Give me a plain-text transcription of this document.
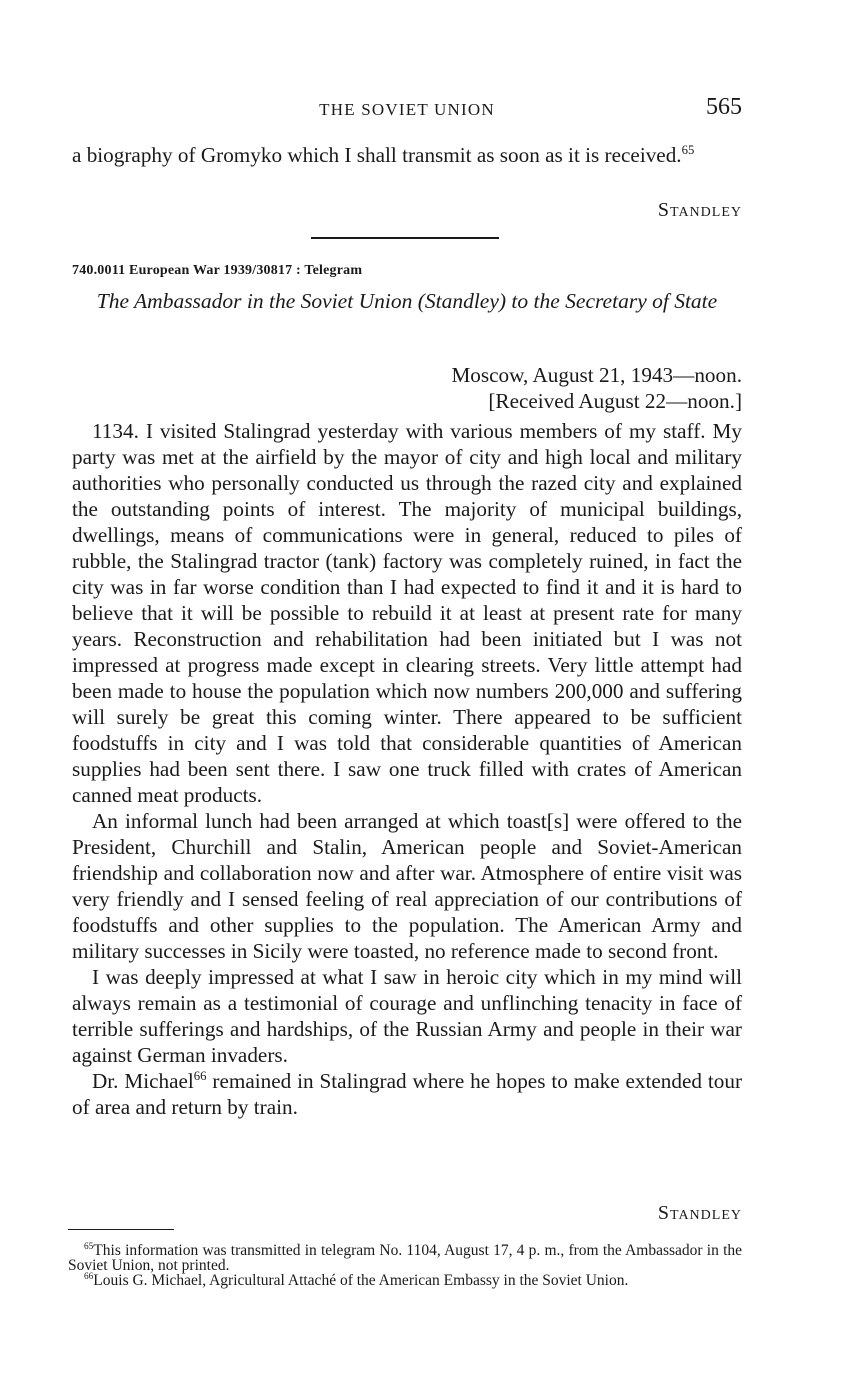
THE SOVIET UNION	565

a biography of Gromyko which I shall transmit as soon as it is received.$^{65}$

Standley
740.0011 European War 1939/30817 : Telegram
The Ambassador in the Soviet Union (Standley) to the Secretary of State
Moscow, August 21, 1943—noon.
[Received August 22—noon.]

1134. I visited Stalingrad yesterday with various members of my staff. My party was met at the airfield by the mayor of city and high local and military authorities who personally conducted us through the razed city and explained the outstanding points of interest. The majority of municipal buildings, dwellings, means of communications were in general, reduced to piles of rubble, the Stalingrad tractor (tank) factory was completely ruined, in fact the city was in far worse condition than I had expected to find it and it is hard to believe that it will be possible to rebuild it at least at present rate for many years. Reconstruction and rehabilitation had been initiated but I was not impressed at progress made except in clearing streets. Very little attempt had been made to house the population which now numbers 200,000 and suffering will surely be great this coming winter. There appeared to be sufficient foodstuffs in city and I was told that considerable quantities of American supplies had been sent there. I saw one truck filled with crates of American canned meat products.

An informal lunch had been arranged at which toast[s] were offered to the President, Churchill and Stalin, American people and Soviet-American friendship and collaboration now and after war. Atmosphere of entire visit was very friendly and I sensed feeling of real appreciation of our contributions of foodstuffs and other supplies to the population. The American Army and military successes in Sicily were toasted, no reference made to second front.

I was deeply impressed at what I saw in heroic city which in my mind will always remain as a testimonial of courage and unflinching tenacity in face of terrible sufferings and hardships, of the Russian Army and people in their war against German invaders.

Dr. Michael$^{66}$ remained in Stalingrad where he hopes to make extended tour of area and return by train.

Standley

$^{65}$This information was transmitted in telegram No. 1104, August 17, 4 p. m., from the Ambassador in the Soviet Union, not printed.

$^{66}$Louis G. Michael, Agricultural Attaché of the American Embassy in the Soviet Union.
